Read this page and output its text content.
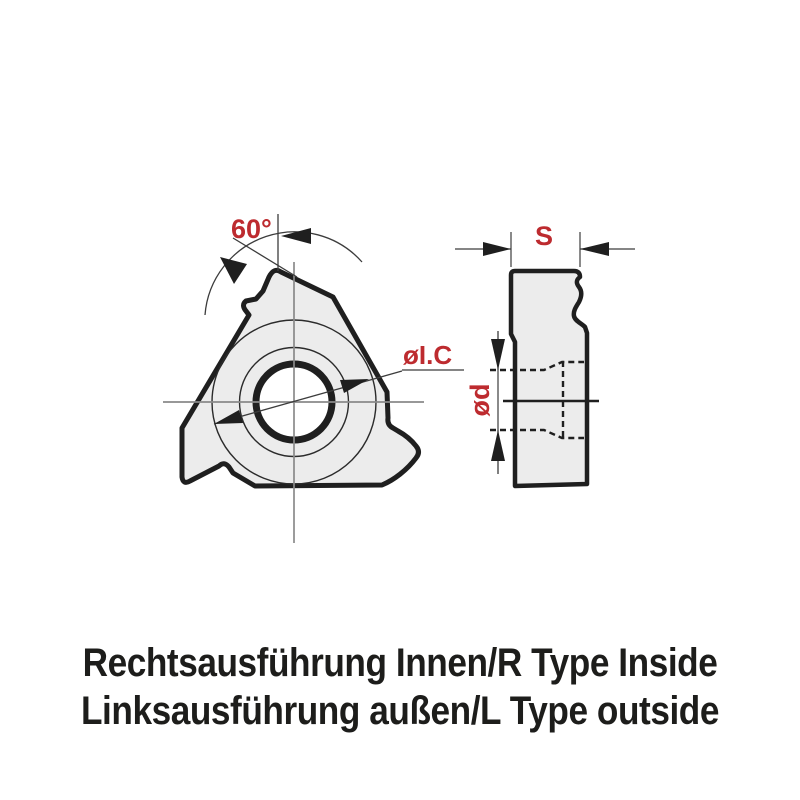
øI.C
60°
ød
S
Rechtsausführung Innen/R Type Inside
Linksausführung außen/L Type outside
